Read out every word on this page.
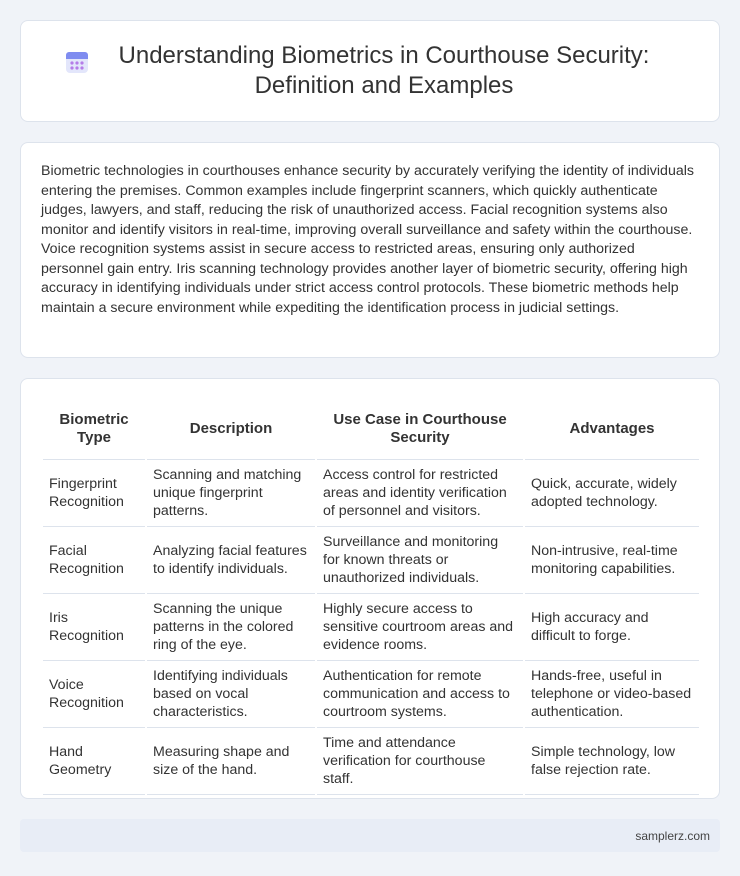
Understanding Biometrics in Courthouse Security: Definition and Examples

Biometric technologies in courthouses enhance security by accurately verifying the identity of individuals entering the premises. Common examples include fingerprint scanners, which quickly authenticate judges, lawyers, and staff, reducing the risk of unauthorized access. Facial recognition systems also monitor and identify visitors in real-time, improving overall surveillance and safety within the courthouse. Voice recognition systems assist in secure access to restricted areas, ensuring only authorized personnel gain entry. Iris scanning technology provides another layer of biometric security, offering high accuracy in identifying individuals under strict access control protocols. These biometric methods help maintain a secure environment while expediting the identification process in judicial settings.

Biometric Type	Description	Use Case in Courthouse Security	Advantages
Fingerprint Recognition	Scanning and matching unique fingerprint patterns.	Access control for restricted areas and identity verification of personnel and visitors.	Quick, accurate, widely adopted technology.
Facial Recognition	Analyzing facial features to identify individuals.	Surveillance and monitoring for known threats or unauthorized individuals.	Non-intrusive, real-time monitoring capabilities.
Iris Recognition	Scanning the unique patterns in the colored ring of the eye.	Highly secure access to sensitive courtroom areas and evidence rooms.	High accuracy and difficult to forge.
Voice Recognition	Identifying individuals based on vocal characteristics.	Authentication for remote communication and access to courtroom systems.	Hands-free, useful in telephone or video-based authentication.
Hand Geometry	Measuring shape and size of the hand.	Time and attendance verification for courthouse staff.	Simple technology, low false rejection rate.
samplerz.com
